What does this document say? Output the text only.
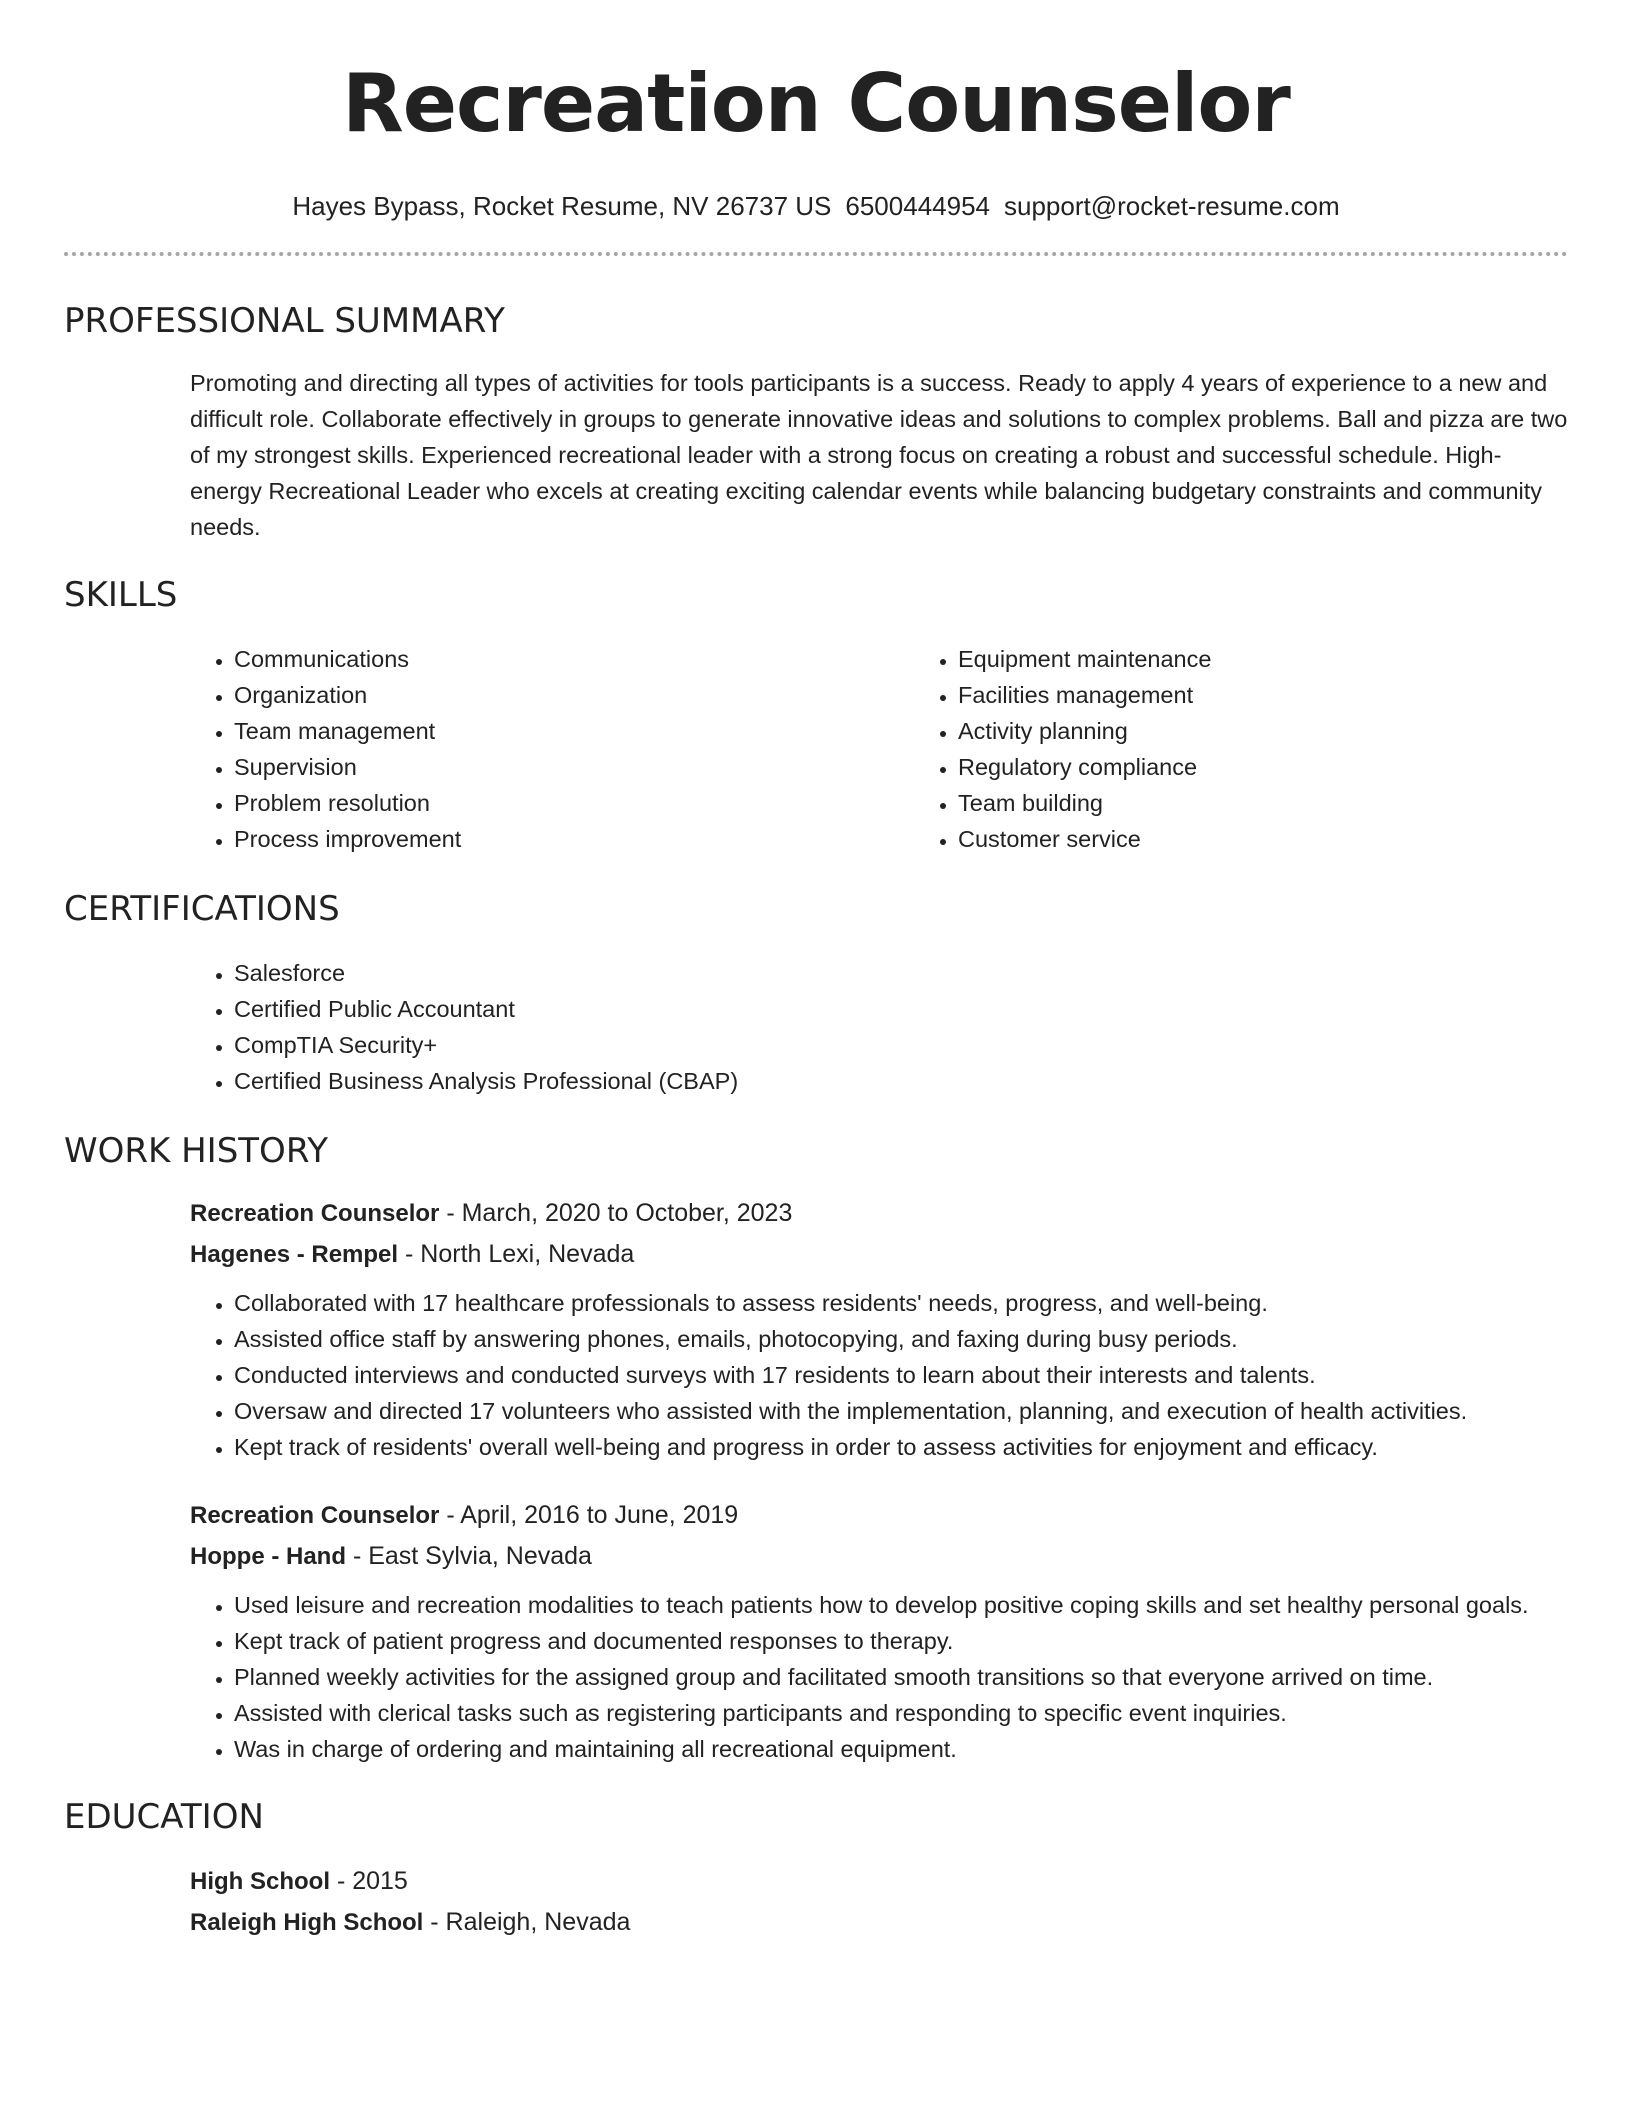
Recreation Counselor
Hayes Bypass, Rocket Resume, NV 26737 US 6500444954 support@rocket-resume.com
PROFESSIONAL SUMMARY
Promoting and directing all types of activities for tools participants is a success. Ready to apply 4 years of experience to a new and difficult role. Collaborate effectively in groups to generate innovative ideas and solutions to complex problems. Ball and pizza are two of my strongest skills. Experienced recreational leader with a strong focus on creating a robust and successful schedule. High-energy Recreational Leader who excels at creating exciting calendar events while balancing budgetary constraints and community needs.
SKILLS
• Communications
• Organization
• Team management
• Supervision
• Problem resolution
• Process improvement
• Equipment maintenance
• Facilities management
• Activity planning
• Regulatory compliance
• Team building
• Customer service
CERTIFICATIONS
• Salesforce
• Certified Public Accountant
• CompTIA Security+
• Certified Business Analysis Professional (CBAP)
WORK HISTORY
Recreation Counselor - March, 2020 to October, 2023
Hagenes - Rempel - North Lexi, Nevada
• Collaborated with 17 healthcare professionals to assess residents' needs, progress, and well-being.
• Assisted office staff by answering phones, emails, photocopying, and faxing during busy periods.
• Conducted interviews and conducted surveys with 17 residents to learn about their interests and talents.
• Oversaw and directed 17 volunteers who assisted with the implementation, planning, and execution of health activities.
• Kept track of residents' overall well-being and progress in order to assess activities for enjoyment and efficacy.
Recreation Counselor - April, 2016 to June, 2019
Hoppe - Hand - East Sylvia, Nevada
• Used leisure and recreation modalities to teach patients how to develop positive coping skills and set healthy personal goals.
• Kept track of patient progress and documented responses to therapy.
• Planned weekly activities for the assigned group and facilitated smooth transitions so that everyone arrived on time.
• Assisted with clerical tasks such as registering participants and responding to specific event inquiries.
• Was in charge of ordering and maintaining all recreational equipment.
EDUCATION
High School - 2015
Raleigh High School - Raleigh, Nevada
